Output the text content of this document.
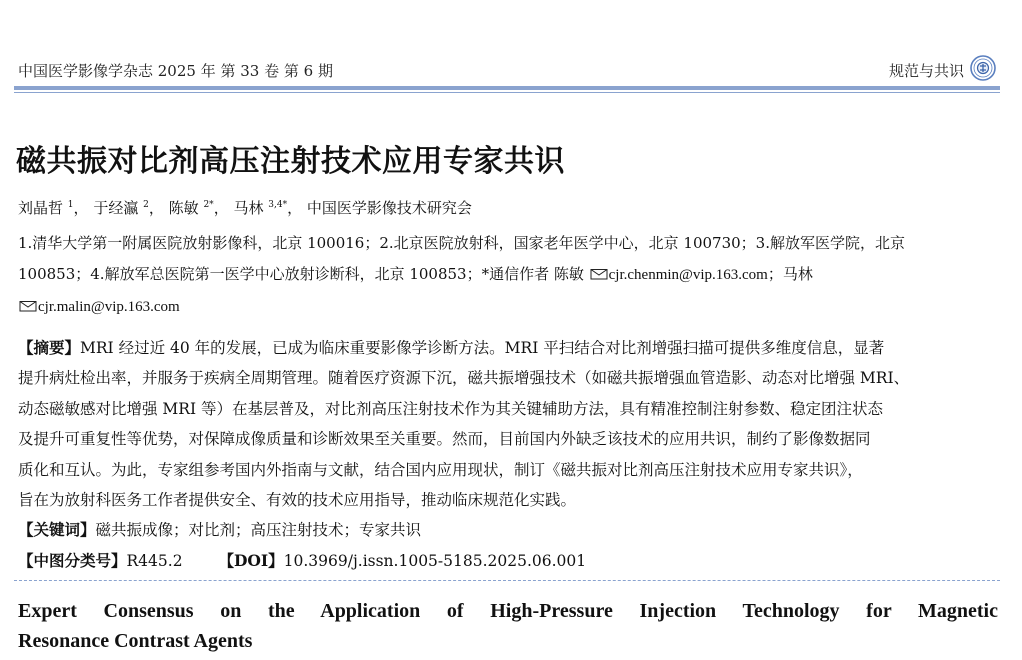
中国医学影像学杂志 2025 年 第 33 卷 第 6 期	规范与共识
磁共振对比剂高压注射技术应用专家共识
刘晶哲 $^1$， 于经瀛 $^2$， 陈敏 $^{2*}$， 马林 $^{3,4*}$， 中国医学影像技术研究会
1.清华大学第一附属医院放射影像科，北京 100016；2.北京医院放射科，国家老年医学中心，北京 100730；3.解放军医学院，北京
100853；4.解放军总医院第一医学中心放射诊断科，北京 100853；*通信作者 陈敏 cjr.chenmin@vip.163.com；马林
cjr.malin@vip.163.com
【摘要】MRI 经过近 40 年的发展，已成为临床重要影像学诊断方法。MRI 平扫结合对比剂增强扫描可提供多维度信息，显著
提升病灶检出率，并服务于疾病全周期管理。随着医疗资源下沉，磁共振增强技术（如磁共振增强血管造影、动态对比增强 MRI、
动态磁敏感对比增强 MRI 等）在基层普及，对比剂高压注射技术作为其关键辅助方法，具有精准控制注射参数、稳定团注状态
及提升可重复性等优势，对保障成像质量和诊断效果至关重要。然而，目前国内外缺乏该技术的应用共识，制约了影像数据同
质化和互认。为此，专家组参考国内外指南与文献，结合国内应用现状，制订《磁共振对比剂高压注射技术应用专家共识》，
旨在为放射科医务工作者提供安全、有效的技术应用指导，推动临床规范化实践。
【关键词】磁共振成像；对比剂；高压注射技术；专家共识
【中图分类号】R445.2 【DOI】10.3969/j.issn.1005-5185.2025.06.001
Expert Consensus on the Application of High-Pressure Injection Technology for Magnetic
Resonance Contrast Agents
